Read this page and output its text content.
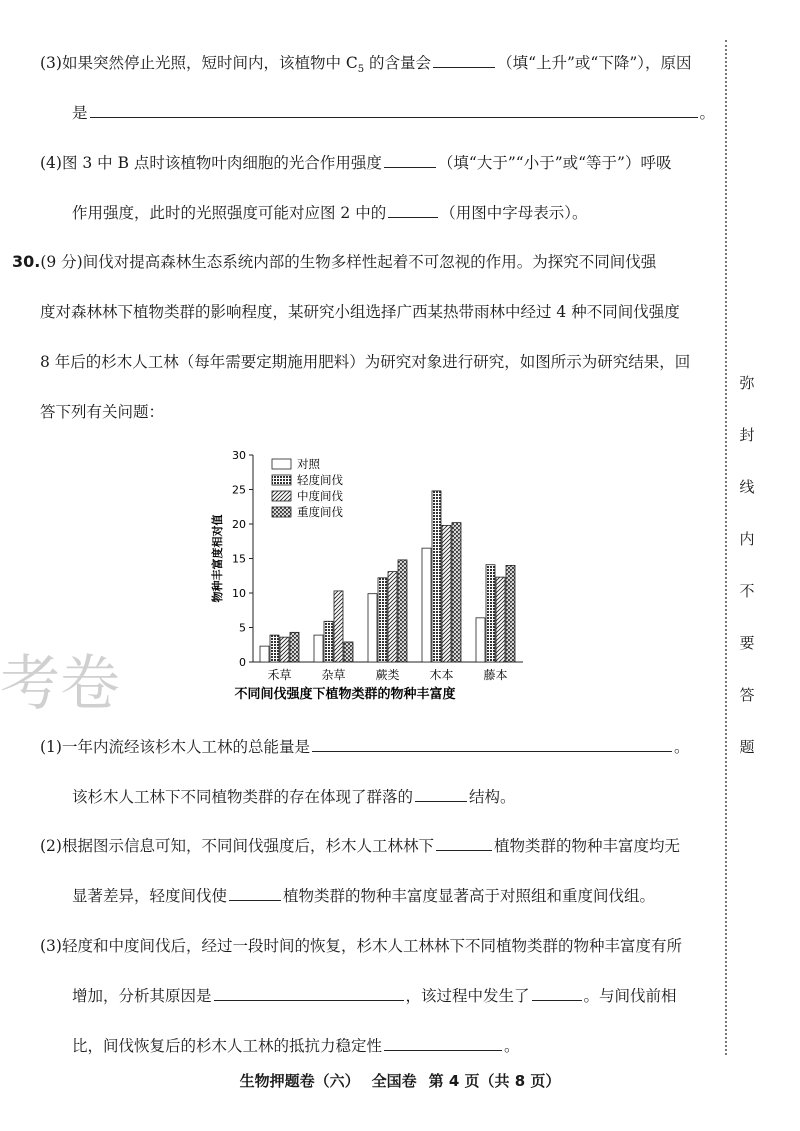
(3)如果突然停止光照，短时间内，该植物中 $C_5$ 的含量会	（填“上升”或“下降”），原因
是	。
(4)图 3 中 B 点时该植物叶肉细胞的光合作用强度	（填“大于”“小于”或“等于”）呼吸
作用强度，此时的光照强度可能对应图 2 中的	（用图中字母表示）。
30.(9 分)间伐对提高森林生态系统内部的生物多样性起着不可忽视的作用。为探究不同间伐强
度对森林林下植物类群的影响程度，某研究小组选择广西某热带雨林中经过 4 种不同间伐强度
8 年后的杉木人工林（每年需要定期施用肥料）为研究对象进行研究，如图所示为研究结果，回
答下列有关问题：
0
5
10
15
20
25
30
物种丰富度相对值
禾草 杂草 蕨类 木本 藤本
对照
轻度间伐
中度间伐
重度间伐
不同间伐强度下植物类群的物种丰富度
考卷
(1)一年内流经该杉木人工林的总能量是	。
该杉木人工林下不同植物类群的存在体现了群落的	结构。
(2)根据图示信息可知，不同间伐强度后，杉木人工林林下	植物类群的物种丰富度均无
显著差异，轻度间伐使	植物类群的物种丰富度显著高于对照组和重度间伐组。
(3)轻度和中度间伐后，经过一段时间的恢复，杉木人工林林下不同植物类群的物种丰富度有所
增加，分析其原因是	，该过程中发生了	。与间伐前相
比，间伐恢复后的杉木人工林的抵抗力稳定性	。
弥
封
线
内
不
要
答
题
生物押题卷（六） 全国卷 第 4 页（共 8 页）
